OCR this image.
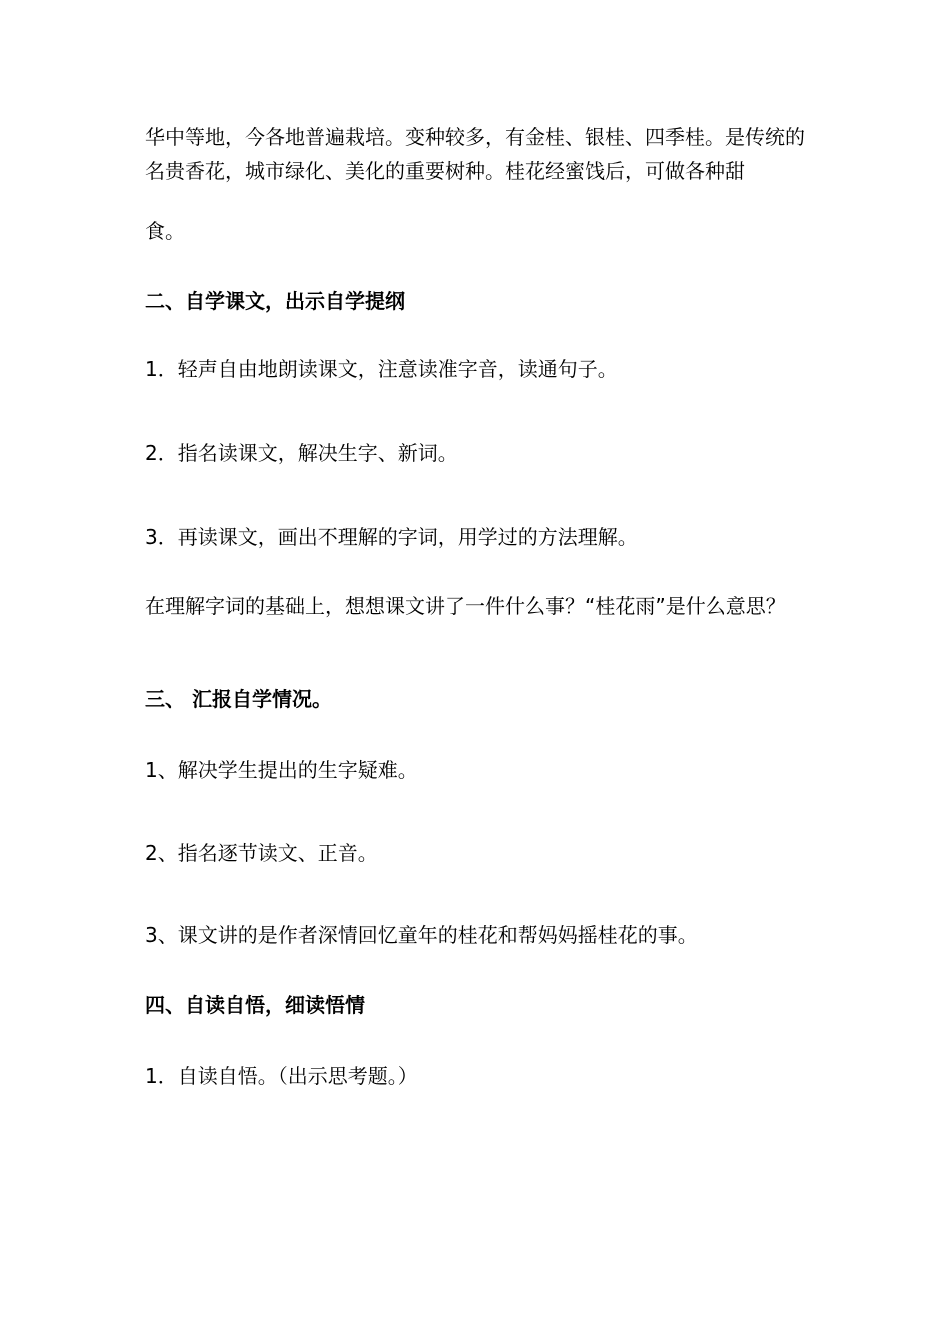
华中等地，今各地普遍栽培。变种较多，有金桂、银桂、四季桂。是传统的名贵香花，城市绿化、美化的重要树种。桂花经蜜饯后，可做各种甜
食。
二、自学课文，出示自学提纲
1．轻声自由地朗读课文，注意读准字音，读通句子。
2．指名读课文，解决生字、新词。
3．再读课文，画出不理解的字词，用学过的方法理解。
在理解字词的基础上，想想课文讲了一件什么事？“桂花雨”是什么意思？
三、 汇报自学情况。
1、解决学生提出的生字疑难。
2、指名逐节读文、正音。
3、课文讲的是作者深情回忆童年的桂花和帮妈妈摇桂花的事。
四、自读自悟，细读悟情
1．自读自悟。（出示思考题。）
